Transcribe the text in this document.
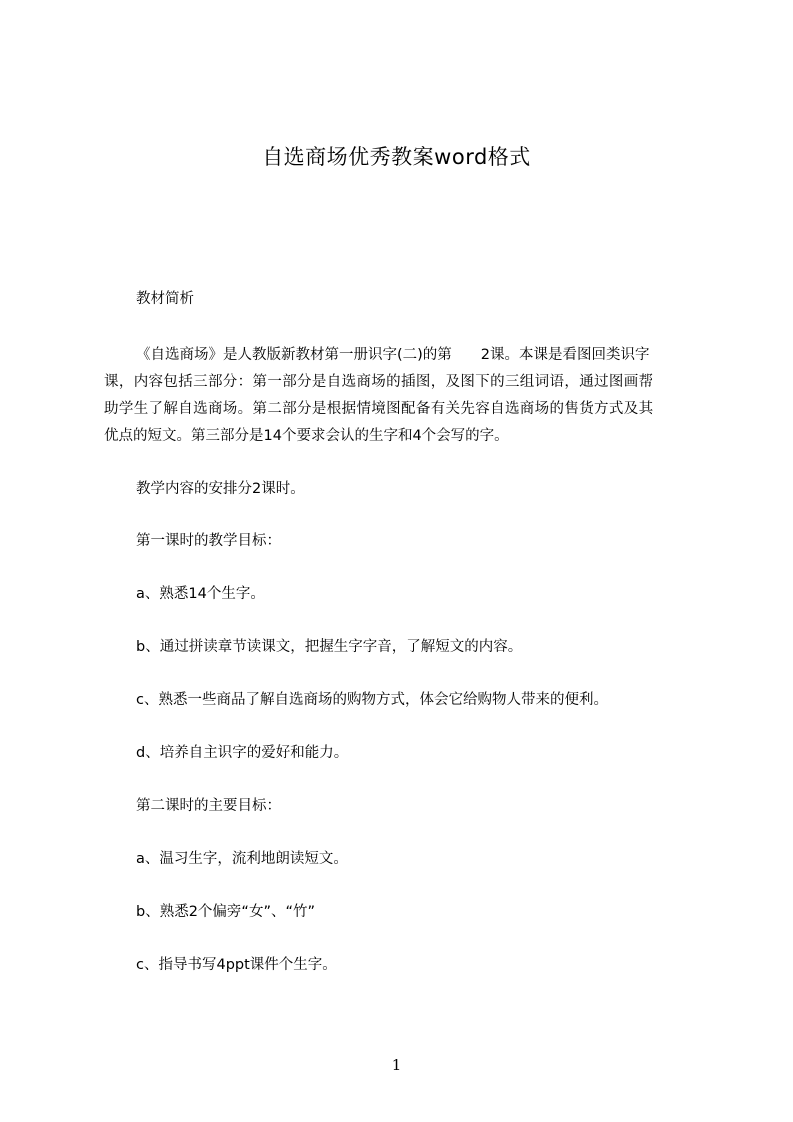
自选商场优秀教案word格式
教材简析
《自选商场》是人教版新教材第一册识字(二)的第　　2课。本课是看图回类识字
课，内容包括三部分：第一部分是自选商场的插图，及图下的三组词语，通过图画帮
助学生了解自选商场。第二部分是根据情境图配备有关先容自选商场的售货方式及其
优点的短文。第三部分是14个要求会认的生字和4个会写的字。
教学内容的安排分2课时。
第一课时的教学目标：
a、熟悉14个生字。
b、通过拼读章节读课文，把握生字字音，了解短文的内容。
c、熟悉一些商品了解自选商场的购物方式，体会它给购物人带来的便利。
d、培养自主识字的爱好和能力。
第二课时的主要目标：
a、温习生字，流利地朗读短文。
b、熟悉2个偏旁“女”、“竹”
c、指导书写4ppt课件个生字。
1
